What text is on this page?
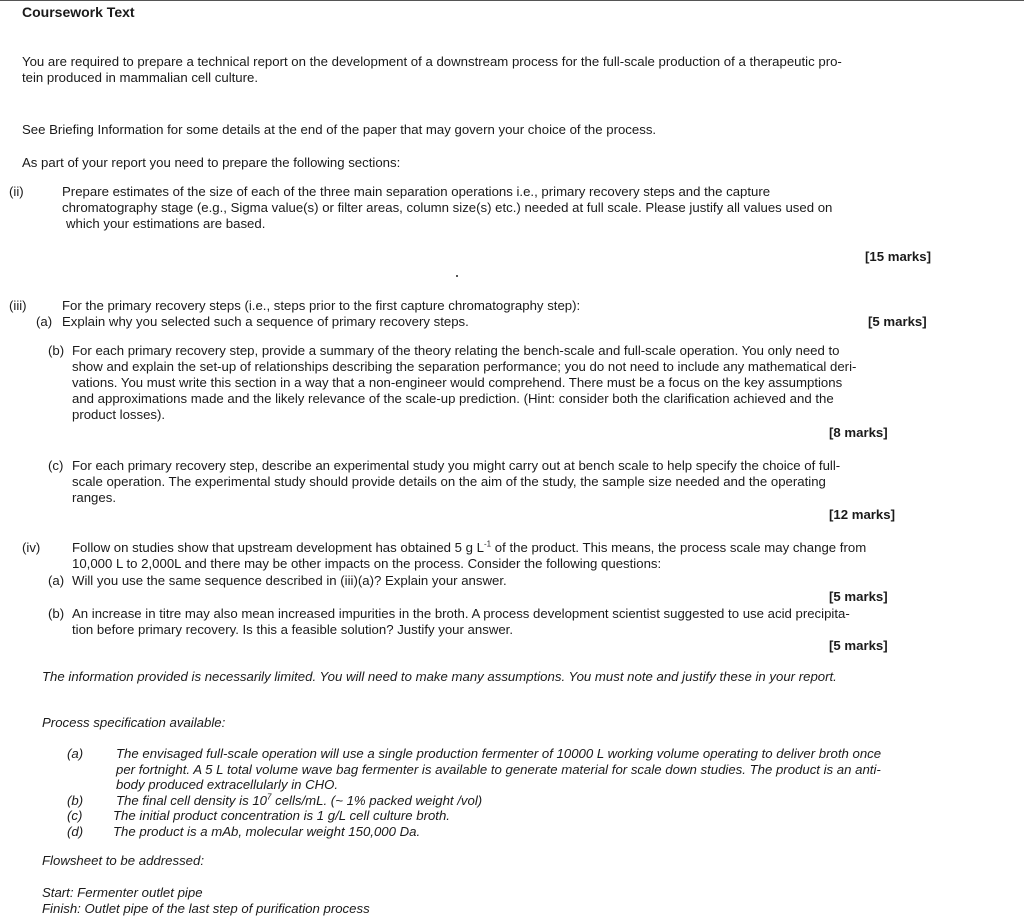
Coursework Text
You are required to prepare a technical report on the development of a downstream process for the full-scale production of a therapeutic pro-
tein produced in mammalian cell culture.
See Briefing Information for some details at the end of the paper that may govern your choice of the process.
As part of your report you need to prepare the following sections:
(ii)	Prepare estimates of the size of each of the three main separation operations i.e., primary recovery steps and the capture
chromatography stage (e.g., Sigma value(s) or filter areas, column size(s) etc.) needed at full scale. Please justify all values used on
which your estimations are based.
[15 marks]
(iii)	For the primary recovery steps (i.e., steps prior to the first capture chromatography step):
(a) Explain why you selected such a sequence of primary recovery steps.	[5 marks]
(b) For each primary recovery step, provide a summary of the theory relating the bench-scale and full-scale operation. You only need to
show and explain the set-up of relationships describing the separation performance; you do not need to include any mathematical deri-
vations. You must write this section in a way that a non-engineer would comprehend. There must be a focus on the key assumptions
and approximations made and the likely relevance of the scale-up prediction. (Hint: consider both the clarification achieved and the
product losses).
[8 marks]
(c) For each primary recovery step, describe an experimental study you might carry out at bench scale to help specify the choice of full-
scale operation. The experimental study should provide details on the aim of the study, the sample size needed and the operating
ranges.
[12 marks]
(iv) Follow on studies show that upstream development has obtained 5 g $L^{-1}$ of the product. This means, the process scale may change from
10,000 L to 2,000L and there may be other impacts on the process. Consider the following questions:
(a) Will you use the same sequence described in (iii)(a)? Explain your answer.
[5 marks]
(b) An increase in titre may also mean increased impurities in the broth. A process development scientist suggested to use acid precipita-
tion before primary recovery. Is this a feasible solution? Justify your answer.
[5 marks]
The information provided is necessarily limited. You will need to make many assumptions. You must note and justify these in your report.
Process specification available:
(a) The envisaged full-scale operation will use a single production fermenter of 10000 L working volume operating to deliver broth once
per fortnight. A 5 L total volume wave bag fermenter is available to generate material for scale down studies. The product is an anti-
body produced extracellularly in CHO.
(b) The final cell density is $10^7$ cells/mL. (~ 1% packed weight /vol)
(c) The initial product concentration is 1 g/L cell culture broth.
(d) The product is a mAb, molecular weight 150,000 Da.
Flowsheet to be addressed:
Start: Fermenter outlet pipe
Finish: Outlet pipe of the last step of purification process
